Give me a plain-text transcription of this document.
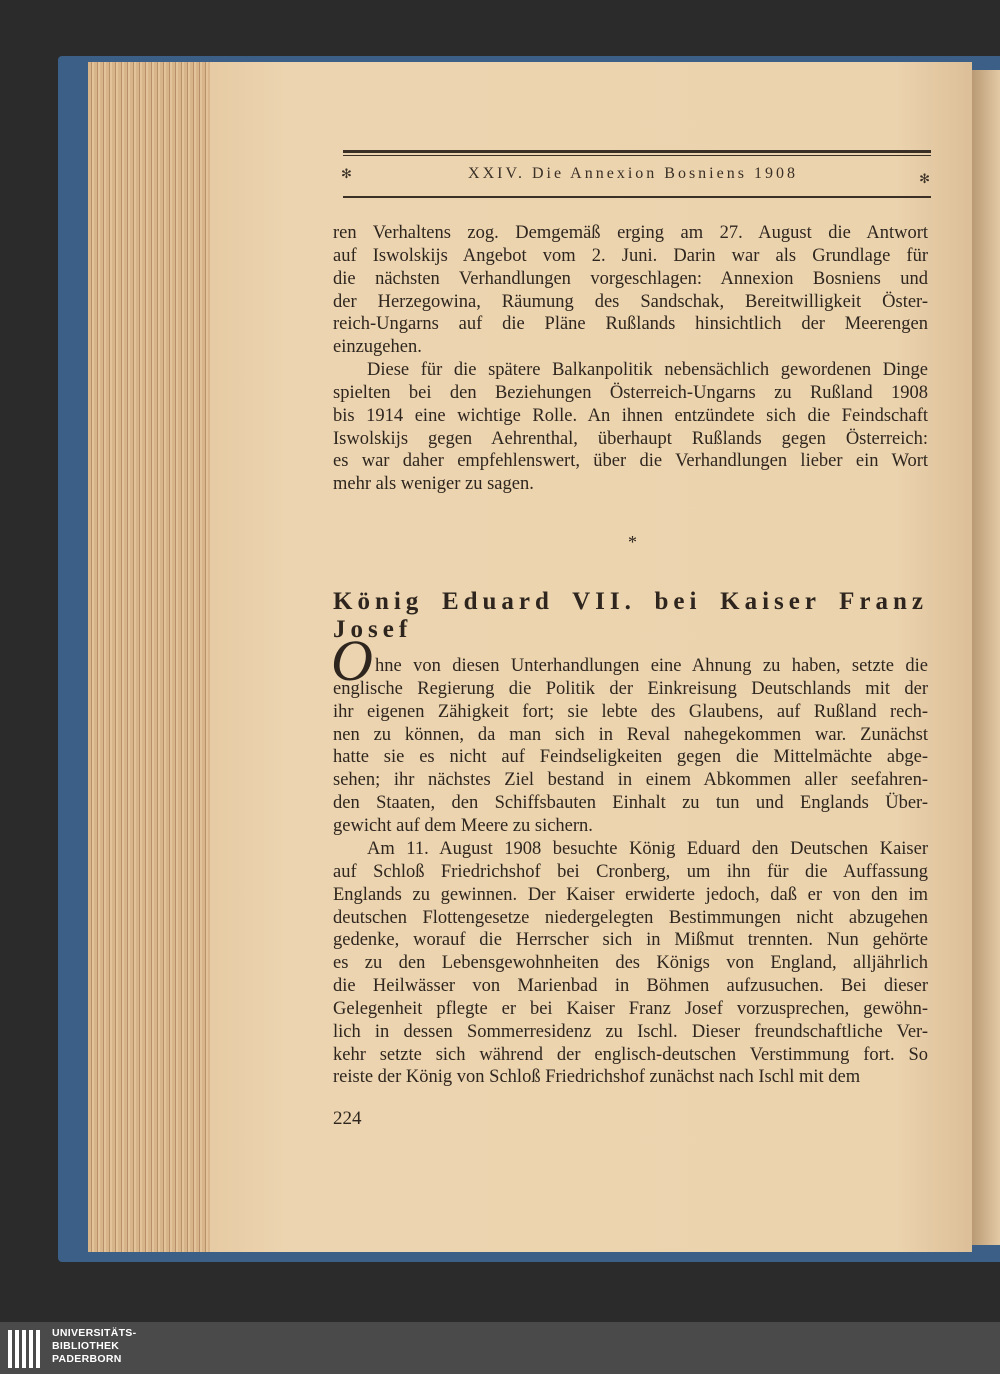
✻	XXIV. Die Annexion Bosniens 1908	✻
ren Verhaltens zog. Demgemäß erging am 27. August die Antwort
auf Iswolskijs Angebot vom 2. Juni. Darin war als Grundlage für
die nächsten Verhandlungen vorgeschlagen: Annexion Bosniens und
der Herzegowina, Räumung des Sandschak, Bereitwilligkeit Öster-
reich-Ungarns auf die Pläne Rußlands hinsichtlich der Meerengen
einzugehen.
Diese für die spätere Balkanpolitik nebensächlich gewordenen Dinge
spielten bei den Beziehungen Österreich-Ungarns zu Rußland 1908
bis 1914 eine wichtige Rolle. An ihnen entzündete sich die Feindschaft
Iswolskijs gegen Aehrenthal, überhaupt Rußlands gegen Österreich:
es war daher empfehlenswert, über die Verhandlungen lieber ein Wort
mehr als weniger zu sagen.
*
König Eduard VII. bei Kaiser Franz Josef
O hne von diesen Unterhandlungen eine Ahnung zu haben, setzte die
englische Regierung die Politik der Einkreisung Deutschlands mit der
ihr eigenen Zähigkeit fort; sie lebte des Glaubens, auf Rußland rech-
nen zu können, da man sich in Reval nahegekommen war. Zunächst
hatte sie es nicht auf Feindseligkeiten gegen die Mittelmächte abge-
sehen; ihr nächstes Ziel bestand in einem Abkommen aller seefahren-
den Staaten, den Schiffsbauten Einhalt zu tun und Englands Über-
gewicht auf dem Meere zu sichern.
Am 11. August 1908 besuchte König Eduard den Deutschen Kaiser
auf Schloß Friedrichshof bei Cronberg, um ihn für die Auffassung
Englands zu gewinnen. Der Kaiser erwiderte jedoch, daß er von den im
deutschen Flottengesetze niedergelegten Bestimmungen nicht abzugehen
gedenke, worauf die Herrscher sich in Mißmut trennten. Nun gehörte
es zu den Lebensgewohnheiten des Königs von England, alljährlich
die Heilwässer von Marienbad in Böhmen aufzusuchen. Bei dieser
Gelegenheit pflegte er bei Kaiser Franz Josef vorzusprechen, gewöhn-
lich in dessen Sommerresidenz zu Ischl. Dieser freundschaftliche Ver-
kehr setzte sich während der englisch-deutschen Verstimmung fort. So
reiste der König von Schloß Friedrichshof zunächst nach Ischl mit dem
224
UNIVERSITÄTS-
BIBLIOTHEK
PADERBORN
